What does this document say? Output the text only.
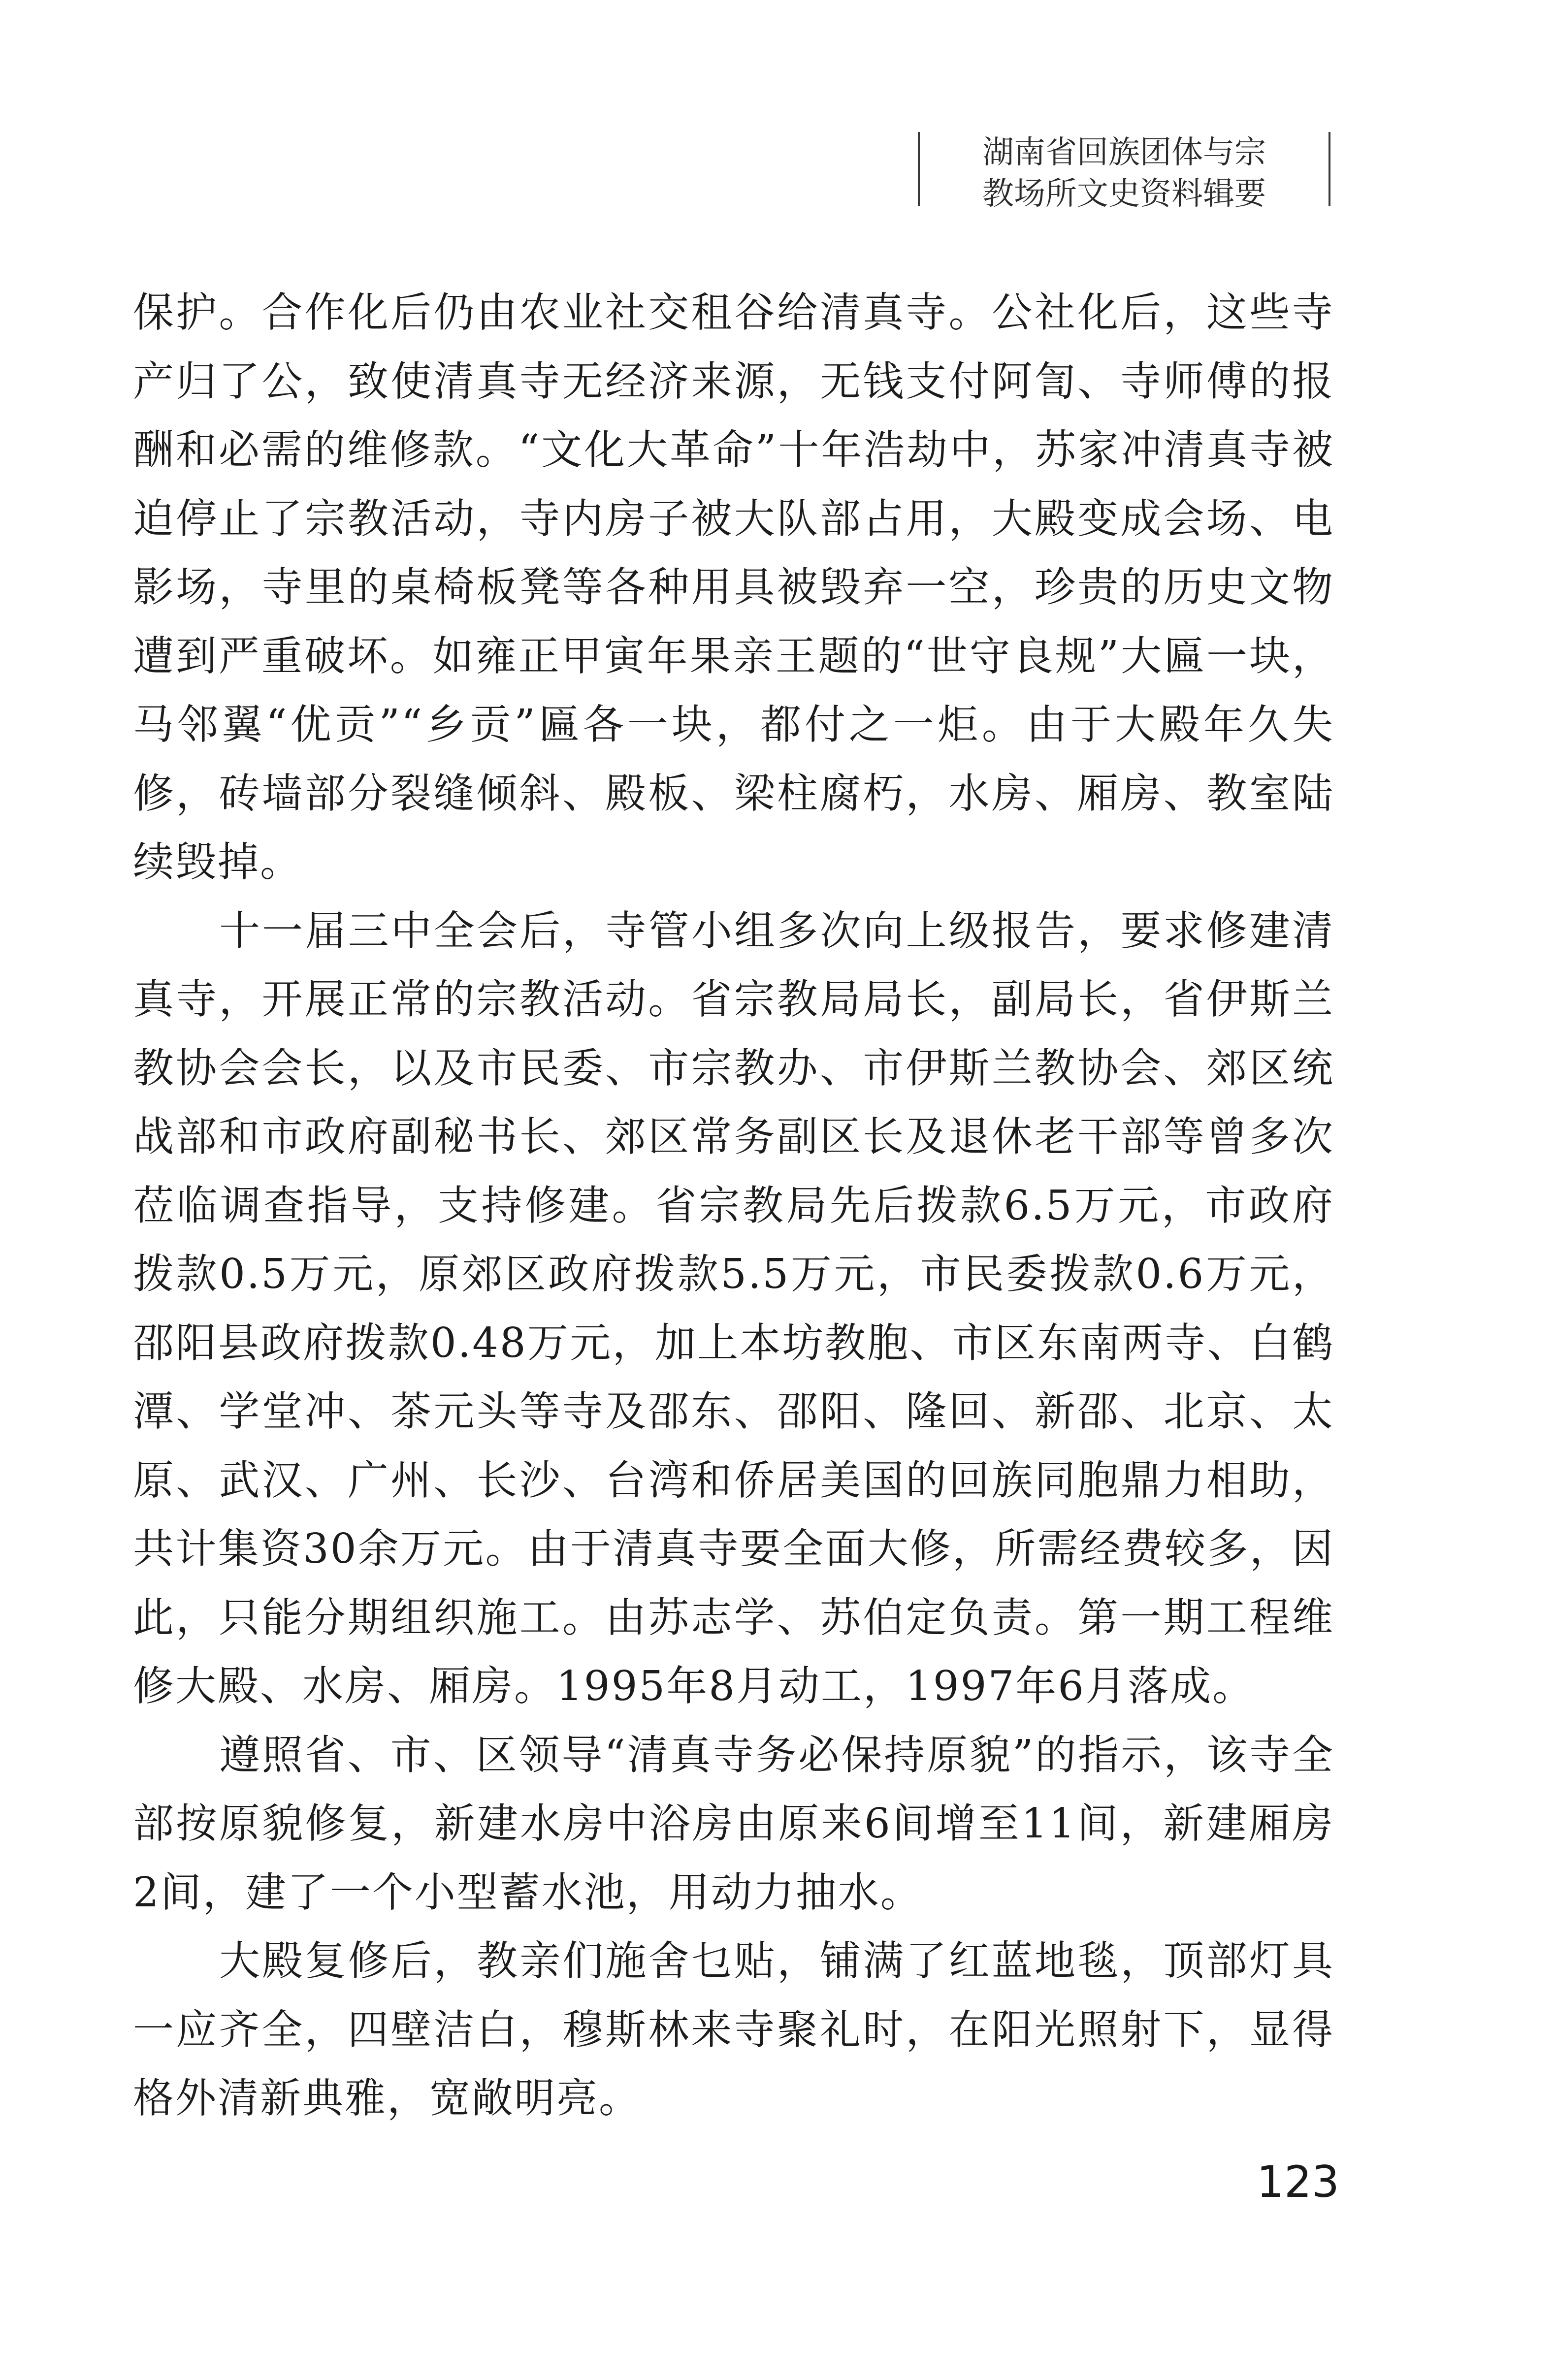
湖南省回族团体与宗
教场所文史资料辑要

保护。合作化后仍由农业社交租谷给清真寺。公社化后，这些寺产归了公，致使清真寺无经济来源，无钱支付阿訇、寺师傅的报酬和必需的维修款。“文化大革命”十年浩劫中，苏家冲清真寺被迫停止了宗教活动，寺内房子被大队部占用，大殿变成会场、电影场，寺里的桌椅板凳等各种用具被毁弃一空，珍贵的历史文物遭到严重破坏。如雍正甲寅年果亲王题的“世守良规”大匾一块，马邻翼“优贡”“乡贡”匾各一块，都付之一炬。由于大殿年久失修，砖墙部分裂缝倾斜、殿板、梁柱腐朽，水房、厢房、教室陆续毁掉。

十一届三中全会后，寺管小组多次向上级报告，要求修建清真寺，开展正常的宗教活动。省宗教局局长，副局长，省伊斯兰教协会会长，以及市民委、市宗教办、市伊斯兰教协会、郊区统战部和市政府副秘书长、郊区常务副区长及退休老干部等曾多次莅临调查指导，支持修建。省宗教局先后拨款6.5万元，市政府拨款0.5万元，原郊区政府拨款5.5万元，市民委拨款0.6万元，邵阳县政府拨款0.48万元，加上本坊教胞、市区东南两寺、白鹤潭、学堂冲、茶元头等寺及邵东、邵阳、隆回、新邵、北京、太原、武汉、广州、长沙、台湾和侨居美国的回族同胞鼎力相助，共计集资30余万元。由于清真寺要全面大修，所需经费较多，因此，只能分期组织施工。由苏志学、苏伯定负责。第一期工程维修大殿、水房、厢房。1995年8月动工，1997年6月落成。

遵照省、市、区领导“清真寺务必保持原貌”的指示，该寺全部按原貌修复，新建水房中浴房由原来6间增至11间，新建厢房2间，建了一个小型蓄水池，用动力抽水。

大殿复修后，教亲们施舍乜贴，铺满了红蓝地毯，顶部灯具一应齐全，四壁洁白，穆斯林来寺聚礼时，在阳光照射下，显得格外清新典雅，宽敞明亮。

123
